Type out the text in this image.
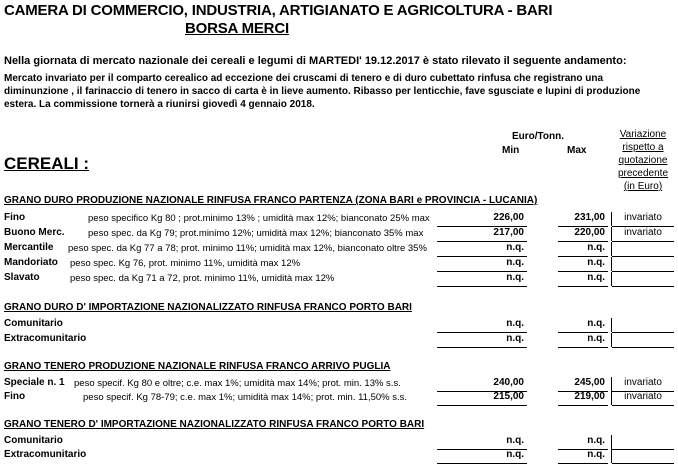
CAMERA DI COMMERCIO, INDUSTRIA, ARTIGIANATO E AGRICOLTURA - BARI
BORSA MERCI
Nella giornata di mercato nazionale dei cereali e legumi di MARTEDI' 19.12.2017 è stato rilevato il seguente andamento:
Mercato invariato per il comparto cerealico ad eccezione dei cruscami di tenero e di duro cubettato rinfusa che registrano una
diminunzione , il farinaccio di tenero in sacco di carta è in lieve aumento. Ribasso per lenticchie, fave sgusciate e lupini di produzione
estera. La commissione tornerà a riunirsi giovedì 4 gennaio 2018.
Euro/Tonn.
Min	Max
Variazione
rispetto a
quotazione
precedente
(in Euro)
CEREALI :
GRANO DURO PRODUZIONE NAZIONALE RINFUSA FRANCO PARTENZA (ZONA BARI e PROVINCIA - LUCANIA)
Fino	peso specifico Kg 80 ; prot.minimo 13% ; umidità max 12%; bianconato 25% max	226,00	231,00	invariato
Buono Merc. peso spec. da Kg 79; prot.minimo 12%; umidità max 12%; bianconato 35% max	217,00	220,00	invariato
Mercantile peso spec. da Kg 77 a 78; prot. minimo 11%; umidità max 12%, bianconato oltre 35%	n.q.	n.q.
Mandoriato peso spec. Kg 76, prot. minimo 11%, umidità max 12%	n.q.	n.q.
Slavato	peso spec. da Kg 71 a 72, prot. minimo 11%, umidità max 12%	n.q.	n.q.
GRANO DURO D' IMPORTAZIONE NAZIONALIZZATO RINFUSA FRANCO PORTO BARI
Comunitario	n.q.	n.q.
Extracomunitario	n.q.	n.q.
GRANO TENERO PRODUZIONE NAZIONALE RINFUSA FRANCO ARRIVO PUGLIA
Speciale n. 1 peso specif. Kg 80 e oltre; c.e. max 1%; umidità max 14%; prot. min. 13% s.s.	240,00	245,00	invariato
Fino	peso specif. Kg 78-79; c.e. max 1%; umidità max 14%; prot. min. 11,50% s.s.	215,00	219,00	invariato
GRANO TENERO D' IMPORTAZIONE NAZIONALIZZATO RINFUSA FRANCO PORTO BARI
Comunitario	n.q.	n.q.
Extracomunitario	n.q.	n.q.
